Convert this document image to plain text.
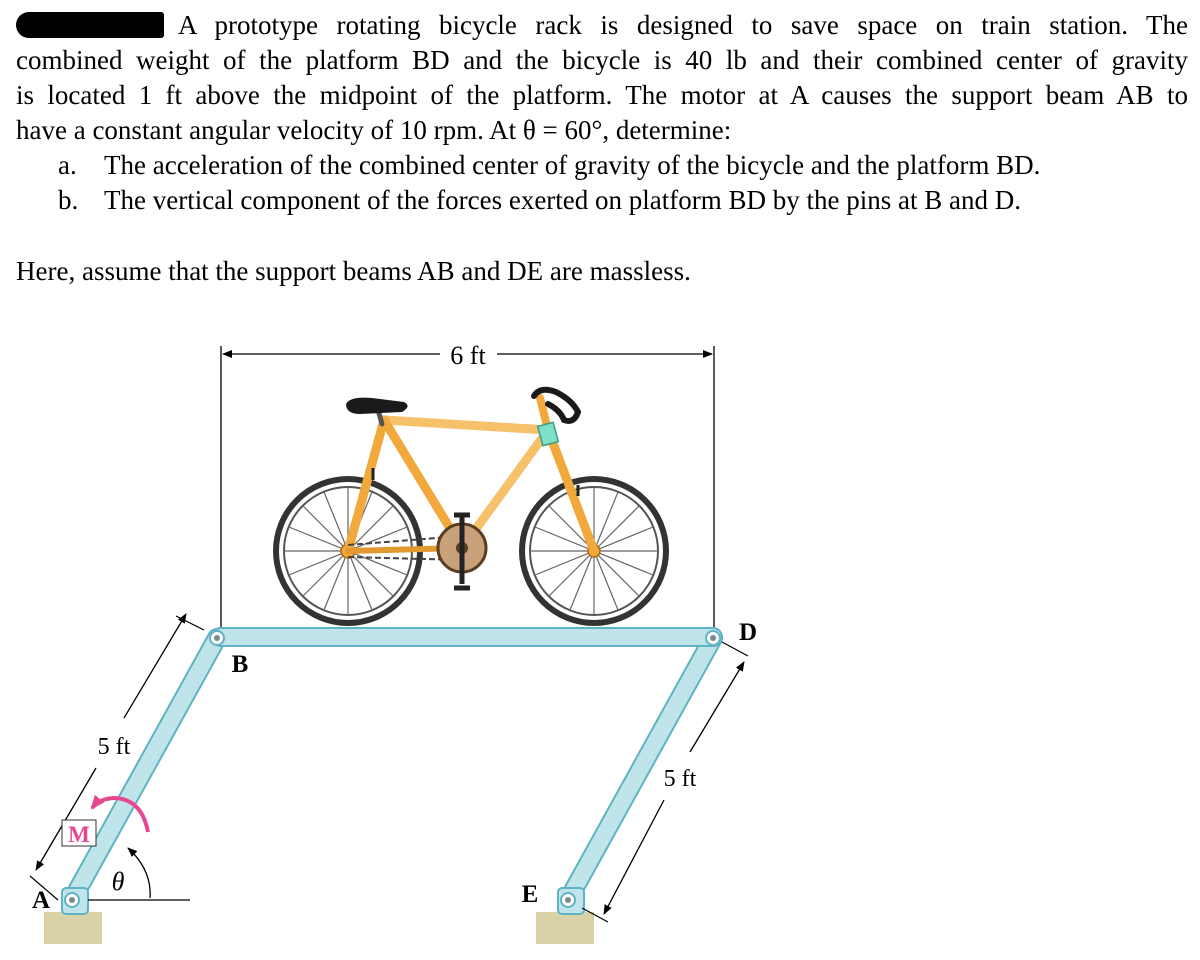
A prototype rotating bicycle rack is designed to save space on train station. The
combined weight of the platform BD and the bicycle is 40 lb and their combined center of gravity
is located 1 ft above the midpoint of the platform. The motor at A causes the support beam AB to
have a constant angular velocity of 10 rpm. At θ = 60°, determine:
a. The acceleration of the combined center of gravity of the bicycle and the platform BD.
b. The vertical component of the forces exerted on platform BD by the pins at B and D.
Here, assume that the support beams AB and DE are massless.
6 ft
5 ft
5 ft
θ
M
A
B
D
E
